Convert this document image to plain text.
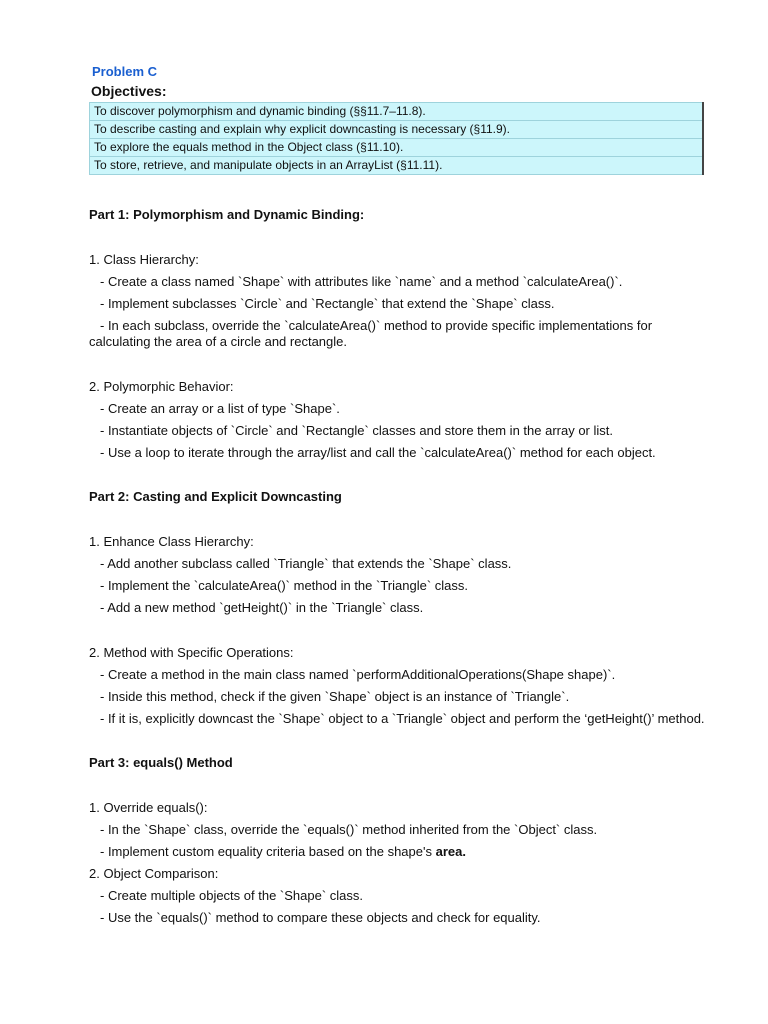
Problem C
Objectives:
To discover polymorphism and dynamic binding (§§11.7–11.8).
To describe casting and explain why explicit downcasting is necessary (§11.9).
To explore the equals method in the Object class (§11.10).
To store, retrieve, and manipulate objects in an ArrayList (§11.11).
Part 1: Polymorphism and Dynamic Binding:
1. Class Hierarchy:
- Create a class named `Shape` with attributes like `name` and a method `calculateArea()`.
- Implement subclasses `Circle` and `Rectangle` that extend the `Shape` class.
- In each subclass, override the `calculateArea()` method to provide specific implementations for calculating the area of a circle and rectangle.
2. Polymorphic Behavior:
- Create an array or a list of type `Shape`.
- Instantiate objects of `Circle` and `Rectangle` classes and store them in the array or list.
- Use a loop to iterate through the array/list and call the `calculateArea()` method for each object.
Part 2: Casting and Explicit Downcasting
1. Enhance Class Hierarchy:
- Add another subclass called `Triangle` that extends the `Shape` class.
- Implement the `calculateArea()` method in the `Triangle` class.
- Add a new method `getHeight()` in the `Triangle` class.
2. Method with Specific Operations:
- Create a method in the main class named `performAdditionalOperations(Shape shape)`.
- Inside this method, check if the given `Shape` object is an instance of `Triangle`.
- If it is, explicitly downcast the `Shape` object to a `Triangle` object and perform the ‘getHeight()’ method.
Part 3: equals() Method
1. Override equals():
- In the `Shape` class, override the `equals()` method inherited from the `Object` class.
- Implement custom equality criteria based on the shape's area.
2. Object Comparison:
- Create multiple objects of the `Shape` class.
- Use the `equals()` method to compare these objects and check for equality.
